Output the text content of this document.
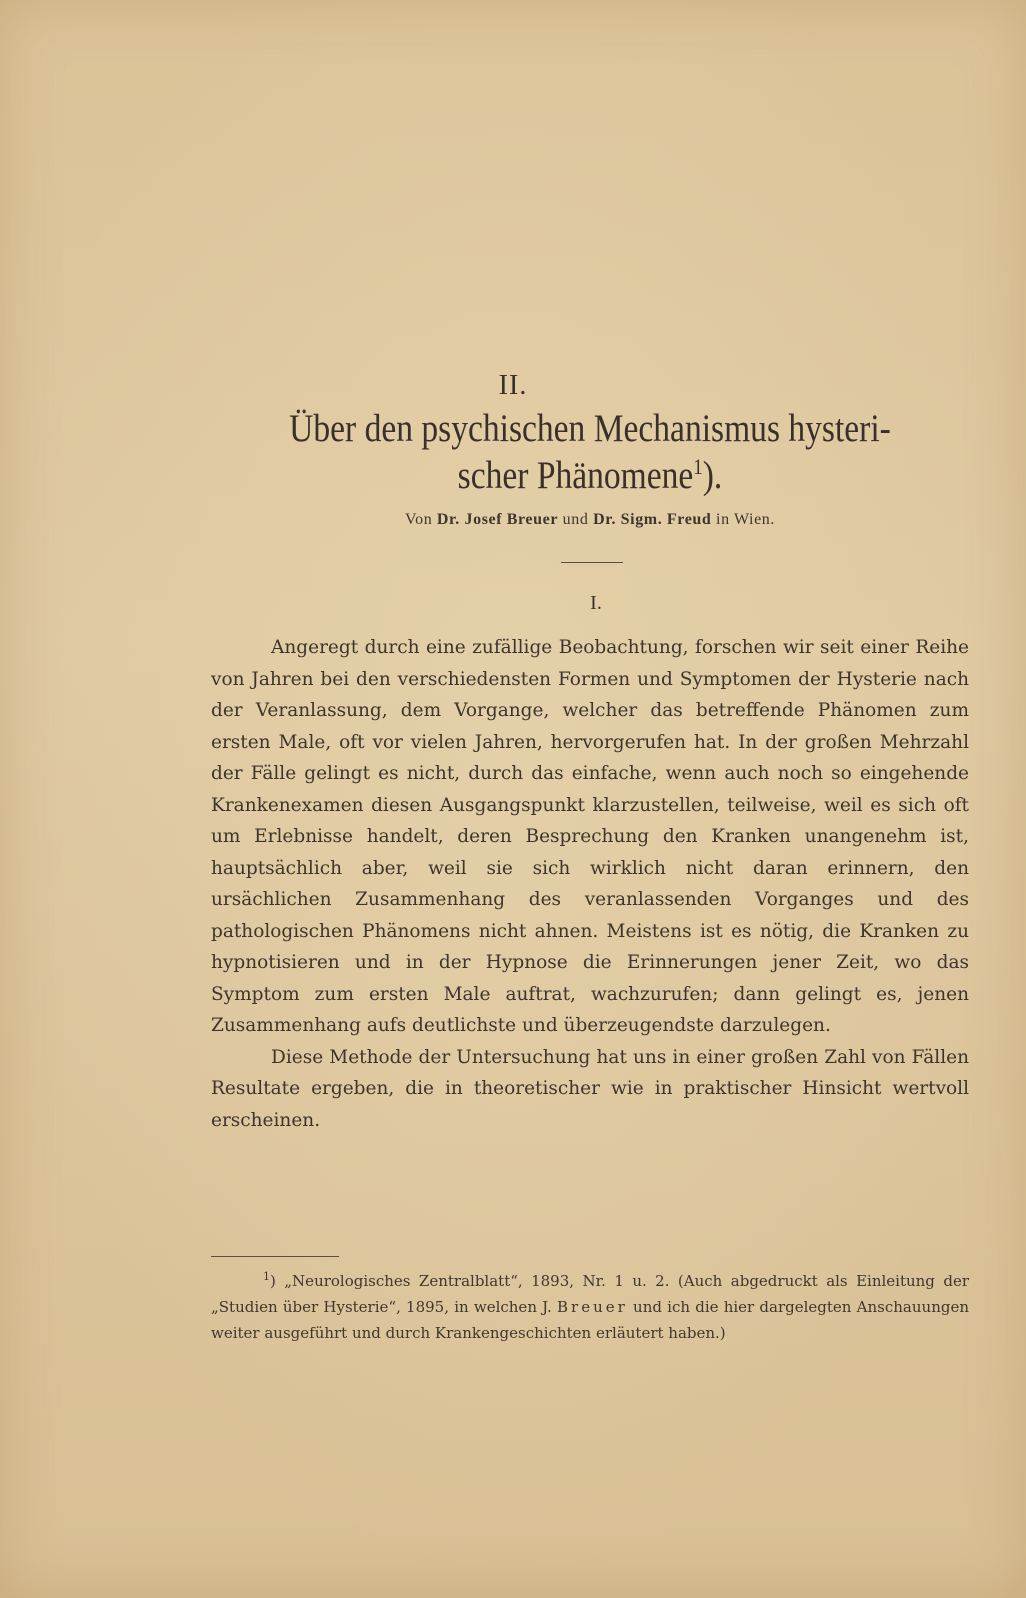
II.
Über den psychischen Mechanismus hysteri-
scher Phänomene$^1$).
Von Dr. Josef Breuer und Dr. Sigm. Freud in Wien.
I.

Angeregt durch eine zufällige Beobachtung, forschen wir seit einer Reihe von Jahren bei den verschiedensten Formen und Symptomen der Hysterie nach der Veranlassung, dem Vorgange, welcher das betreffende Phänomen zum ersten Male, oft vor vielen Jahren, hervorgerufen hat. In der großen Mehrzahl der Fälle gelingt es nicht, durch das einfache, wenn auch noch so eingehende Krankenexamen diesen Ausgangspunkt klarzustellen, teilweise, weil es sich oft um Erlebnisse handelt, deren Besprechung den Kranken unangenehm ist, hauptsächlich aber, weil sie sich wirklich nicht daran erinnern, den ursächlichen Zusammenhang des veranlassenden Vorganges und des pathologischen Phänomens nicht ahnen. Meistens ist es nötig, die Kranken zu hypnotisieren und in der Hypnose die Erinnerungen jener Zeit, wo das Symptom zum ersten Male auftrat, wachzurufen; dann gelingt es, jenen Zusammenhang aufs deutlichste und überzeugendste darzulegen.

Diese Methode der Untersuchung hat uns in einer großen Zahl von Fällen Resultate ergeben, die in theoretischer wie in praktischer Hinsicht wertvoll erscheinen.

$^1$) „Neurologisches Zentralblatt“, 1893, Nr. 1 u. 2. (Auch abgedruckt als Einleitung der „Studien über Hysterie“, 1895, in welchen J. Breuer und ich die hier dargelegten Anschauungen weiter ausgeführt und durch Krankengeschichten erläutert haben.)
